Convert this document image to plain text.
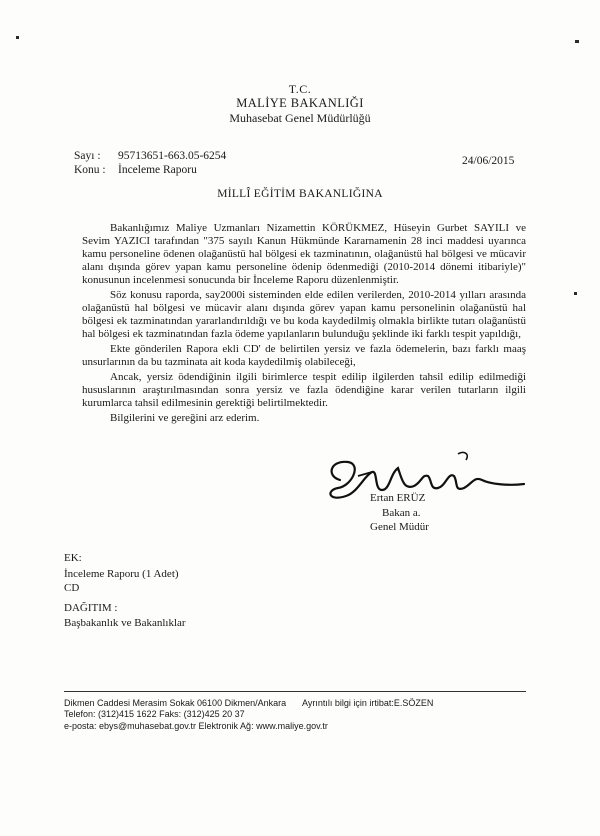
T.C.
MALİYE BAKANLIĞI
Muhasebat Genel Müdürlüğü
Sayı : 95713651-663.05-6254
Konu : İnceleme Raporu
24/06/2015
MİLLÎ EĞİTİM BAKANLIĞINA

Bakanlığımız Maliye Uzmanları Nizamettin KÖRÜKMEZ, Hüseyin Gurbet SAYILI ve Sevim YAZICI tarafından "375 sayılı Kanun Hükmünde Kararnamenin 28 inci maddesi uyarınca kamu personeline ödenen olağanüstü hal bölgesi ek tazminatının, olağanüstü hal bölgesi ve mücavir alanı dışında görev yapan kamu personeline ödenip ödenmediği (2010-2014 dönemi itibariyle)" konusunun incelenmesi sonucunda bir İnceleme Raporu düzenlenmiştir.

Söz konusu raporda, say2000i sisteminden elde edilen verilerden, 2010-2014 yılları arasında olağanüstü hal bölgesi ve mücavir alanı dışında görev yapan kamu personelinin olağanüstü hal bölgesi ek tazminatından yararlandırıldığı ve bu koda kaydedilmiş olmakla birlikte tutarı olağanüstü hal bölgesi ek tazminatından fazla ödeme yapılanların bulunduğu şeklinde iki farklı tespit yapıldığı,

Ekte gönderilen Rapora ekli CD' de belirtilen yersiz ve fazla ödemelerin, bazı farklı maaş unsurlarının da bu tazminata ait koda kaydedilmiş olabileceği,

Ancak, yersiz ödendiğinin ilgili birimlerce tespit edilip ilgilerden tahsil edilip edilmediği hususlarının araştırılmasından sonra yersiz ve fazla ödendiğine karar verilen tutarların ilgili kurumlarca tahsil edilmesinin gerektiği belirtilmektedir.

Bilgilerini ve gereğini arz ederim.

Ertan ERÜZ
Bakan a.
Genel Müdür
EK:
İnceleme Raporu (1 Adet)
CD
DAĞITIM :
Başbakanlık ve Bakanlıklar
Dikmen Caddesi Merasim Sokak 06100 Dikmen/Ankara Ayrıntılı bilgi için irtibat:E.SÖZEN
Telefon: (312)415 1622 Faks: (312)425 20 37
e-posta: ebys@muhasebat.gov.tr Elektronik Ağ: www.maliye.gov.tr
